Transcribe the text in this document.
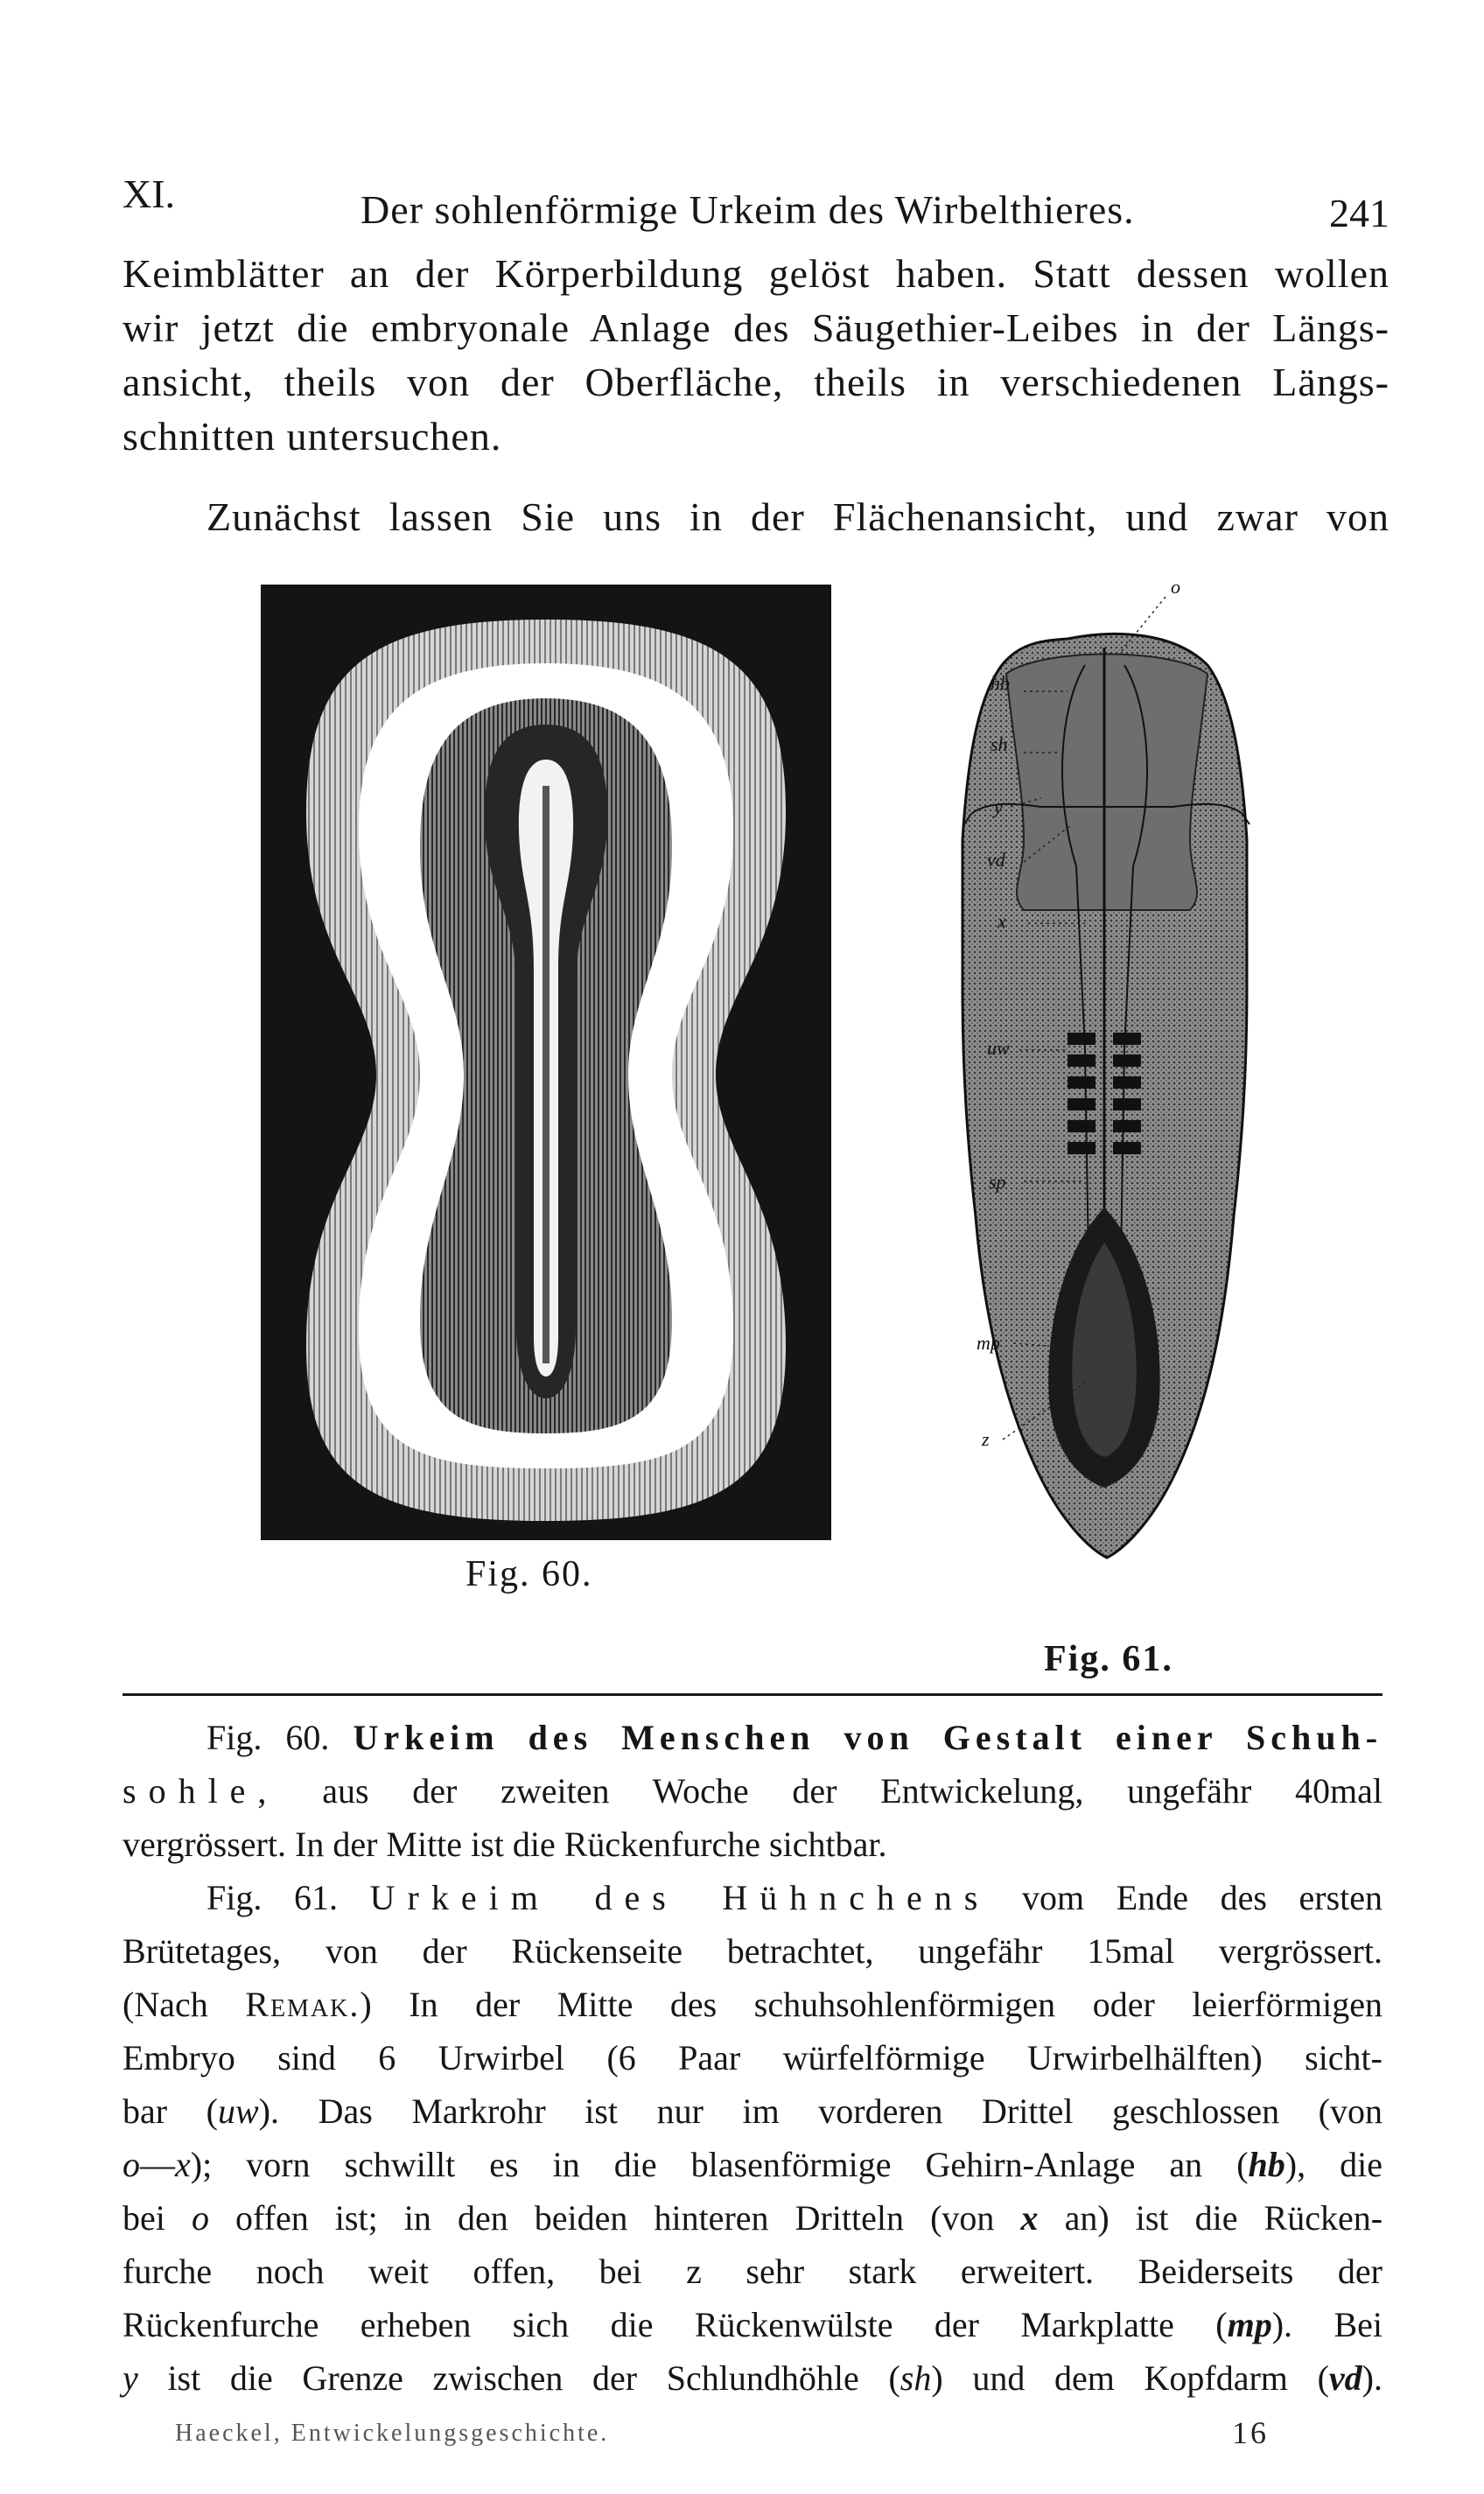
XI.	Der sohlenförmige Urkeim des Wirbelthieres.	241

Keimblätter an der Körperbildung gelöst haben. Statt dessen wollen

wir jetzt die embryonale Anlage des Säugethier-Leibes in der Längs-

ansicht, theils von der Oberfläche, theils in verschiedenen Längs-

schnitten untersuchen.

Zunächst lassen Sie uns in der Flächenansicht, und zwar von

Fig. 60.
o
hb
sh
y
vd
x
uw
sp
mp
z
Fig. 61.

Fig. 60. Urkeim des Menschen von Gestalt einer Schuh-

sohle, aus der zweiten Woche der Entwickelung, ungefähr 40mal

vergrössert. In der Mitte ist die Rückenfurche sichtbar.

Fig. 61. Urkeim des Hühnchens vom Ende des ersten

Brütetages, von der Rückenseite betrachtet, ungefähr 15mal vergrössert.

(Nach Remak.) In der Mitte des schuhsohlenförmigen oder leierförmigen

Embryo sind 6 Urwirbel (6 Paar würfelförmige Urwirbelhälften) sicht-

bar (uw). Das Markrohr ist nur im vorderen Drittel geschlossen (von

o—x); vorn schwillt es in die blasenförmige Gehirn-Anlage an (hb), die

bei o offen ist; in den beiden hinteren Dritteln (von x an) ist die Rücken-

furche noch weit offen, bei z sehr stark erweitert. Beiderseits der

Rückenfurche erheben sich die Rückenwülste der Markplatte (mp). Bei

y ist die Grenze zwischen der Schlundhöhle (sh) und dem Kopfdarm (vd).

Haeckel, Entwickelungsgeschichte.	16
